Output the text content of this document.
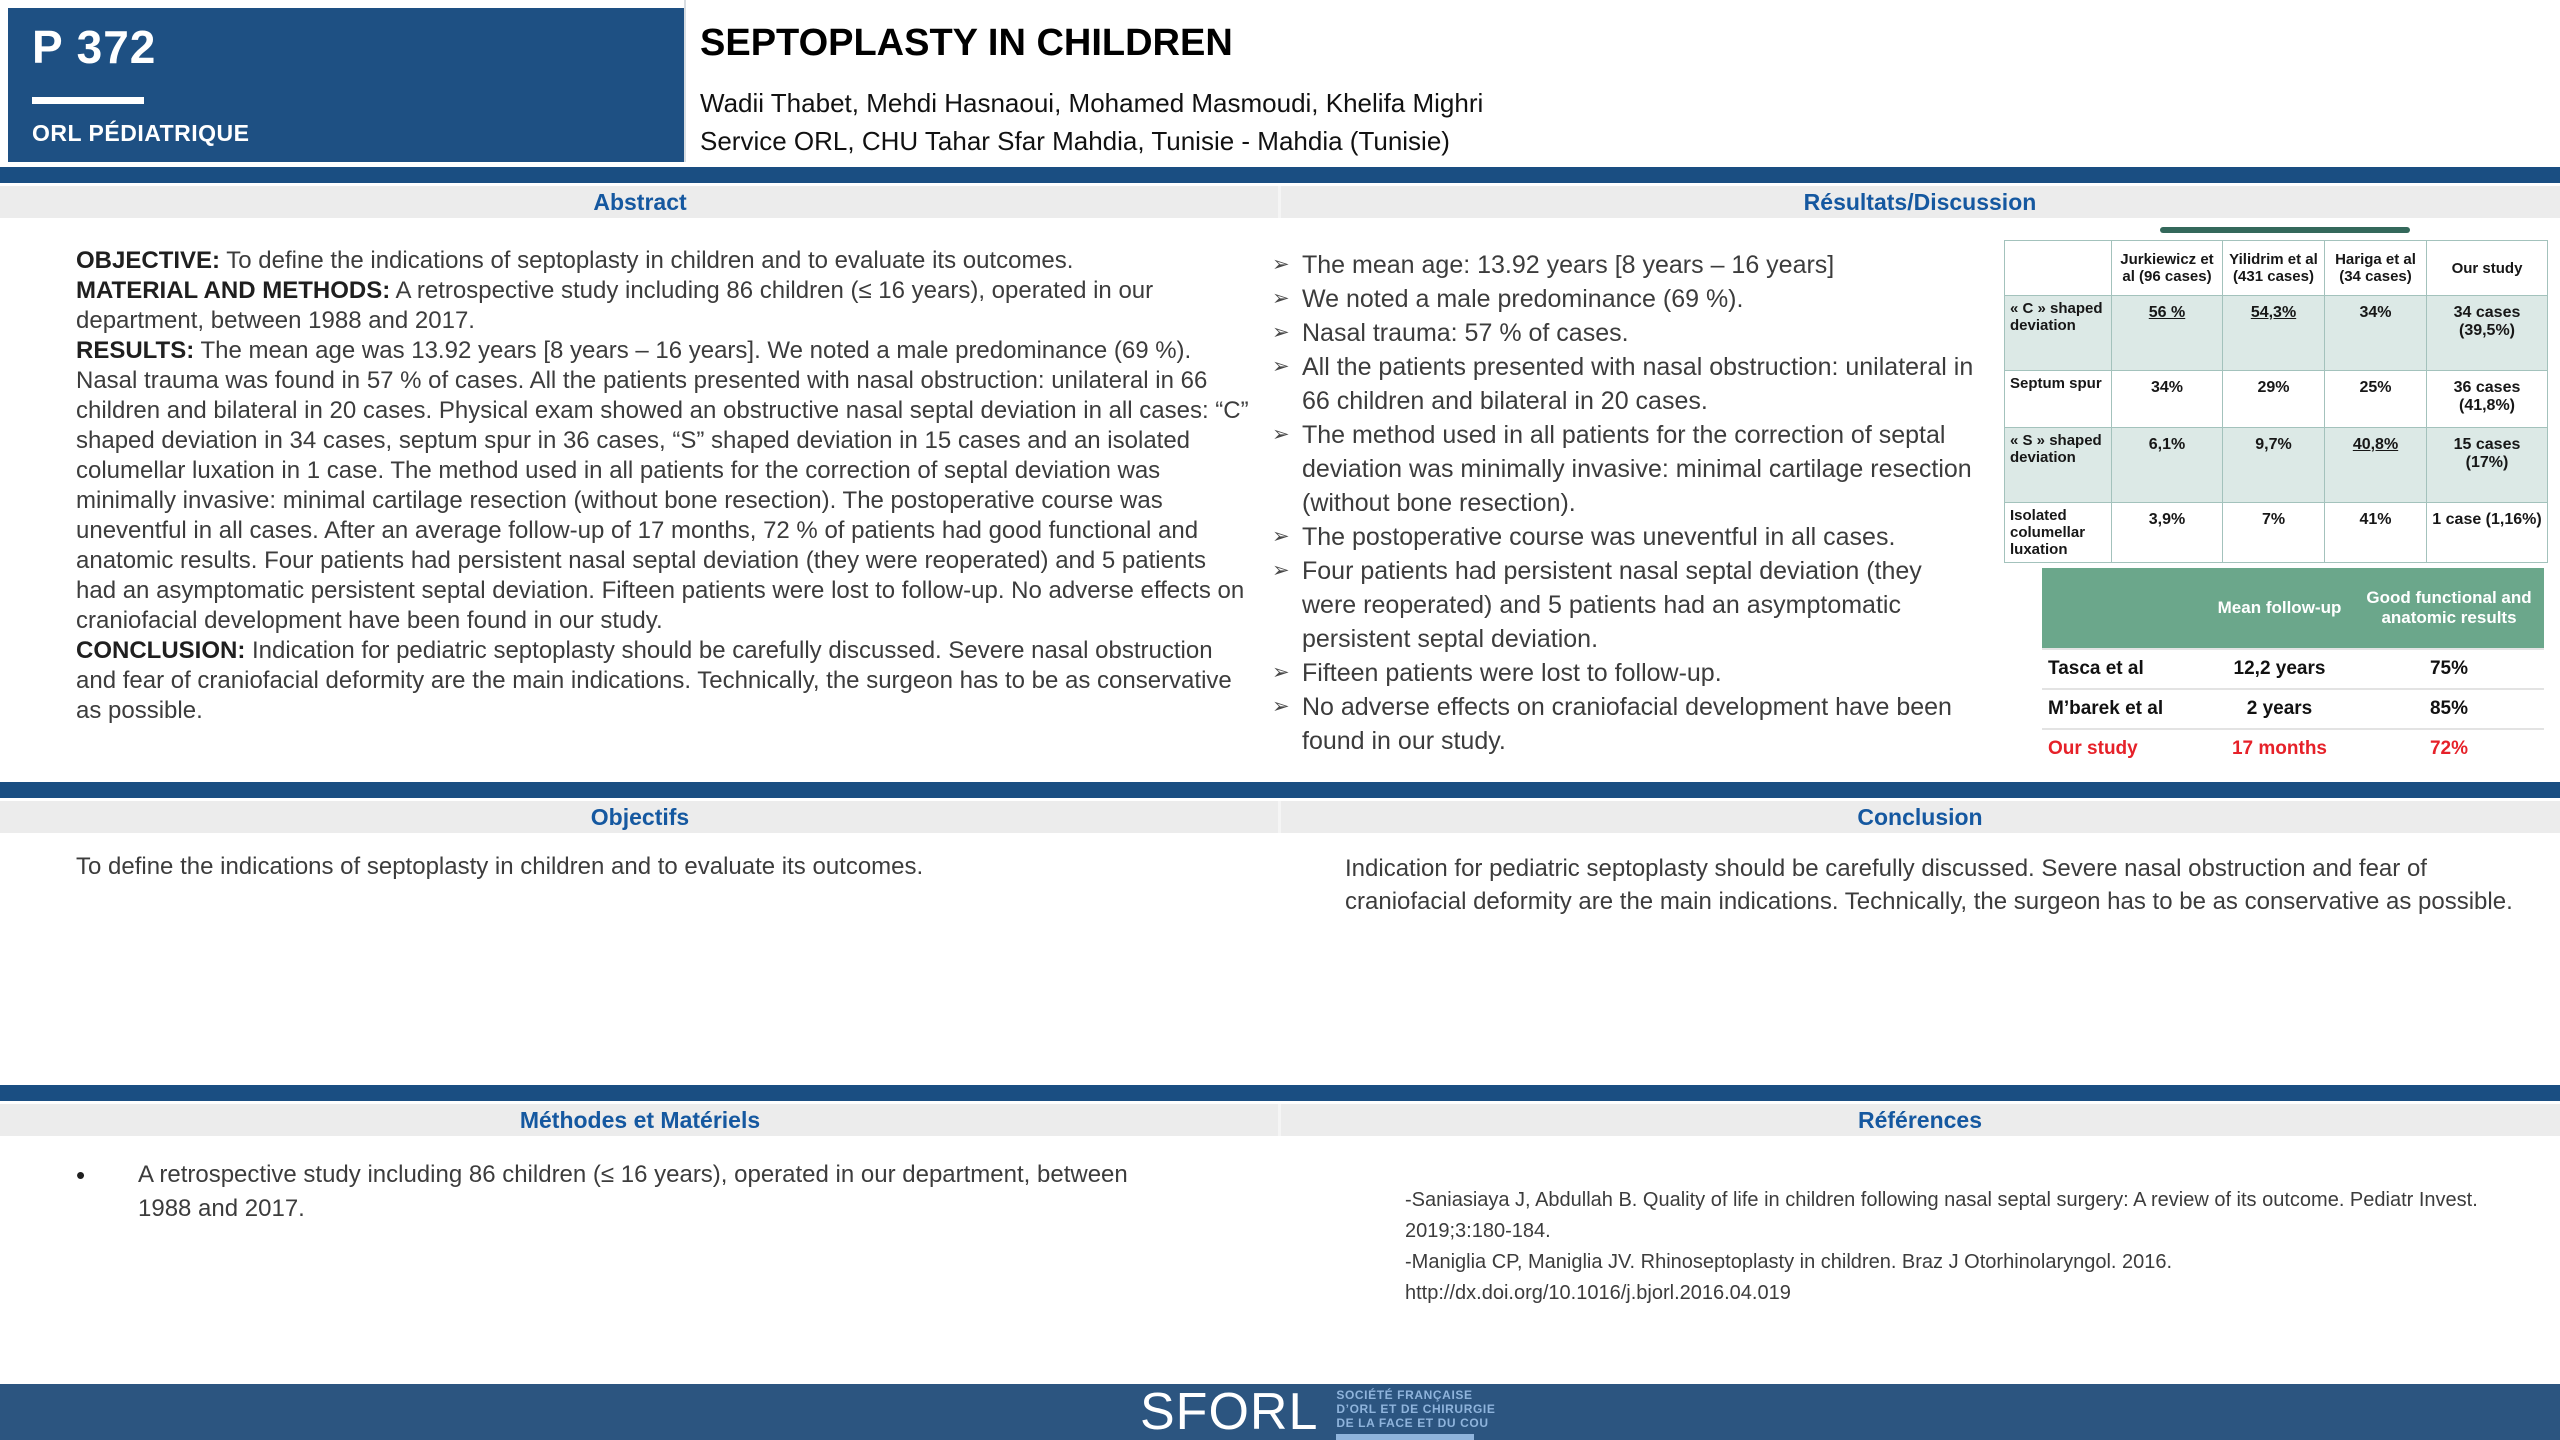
P 372
ORL PÉDIATRIQUE
SEPTOPLASTY IN CHILDREN
Wadii Thabet, Mehdi Hasnaoui, Mohamed Masmoudi, Khelifa Mighri
Service ORL, CHU Tahar Sfar Mahdia, Tunisie - Mahdia (Tunisie)
Abstract	Résultats/Discussion

OBJECTIVE: To define the indications of septoplasty in children and to evaluate its outcomes.

MATERIAL AND METHODS: A retrospective study including 86 children (≤ 16 years), operated in our department, between 1988 and 2017.

RESULTS: The mean age was 13.92 years [8 years – 16 years]. We noted a male predominance (69 %). Nasal trauma was found in 57 % of cases. All the patients presented with nasal obstruction: unilateral in 66 children and bilateral in 20 cases. Physical exam showed an obstructive nasal septal deviation in all cases: “C” shaped deviation in 34 cases, septum spur in 36 cases, “S” shaped deviation in 15 cases and an isolated columellar luxation in 1 case. The method used in all patients for the correction of septal deviation was minimally invasive: minimal cartilage resection (without bone resection). The postoperative course was uneventful in all cases. After an average follow-up of 17 months, 72 % of patients had good functional and anatomic results. Four patients had persistent nasal septal deviation (they were reoperated) and 5 patients had an asymptomatic persistent septal deviation. Fifteen patients were lost to follow-up. No adverse effects on craniofacial development have been found in our study.

CONCLUSION: Indication for pediatric septoplasty should be carefully discussed. Severe nasal obstruction and fear of craniofacial deformity are the main indications. Technically, the surgeon has to be as conservative as possible.

➢ The mean age: 13.92 years [8 years – 16 years]
➢ We noted a male predominance (69 %).
➢ Nasal trauma: 57 % of cases.
➢ All the patients presented with nasal obstruction: unilateral in 66 children and bilateral in 20 cases.
➢ The method used in all patients for the correction of septal deviation was minimally invasive: minimal cartilage resection (without bone resection).
➢ The postoperative course was uneventful in all cases.
➢ Four patients had persistent nasal septal deviation (they were reoperated) and 5 patients had an asymptomatic persistent septal deviation.
➢ Fifteen patients were lost to follow-up.
➢ No adverse effects on craniofacial development have been found in our study.
	Jurkiewicz et al (96 cases)	Yilidrim et al (431 cases)	Hariga et al (34 cases)	Our study
« C » shaped deviation	56 %	54,3%	34%	34 cases (39,5%)
Septum spur	34%	29%	25%	36 cases (41,8%)
« S » shaped deviation	6,1%	9,7%	40,8%	15 cases (17%)
Isolated columellar luxation	3,9%	7%	41%	1 case (1,16%)
	Mean follow-up	Good functional and anatomic results
Tasca et al	12,2 years	75%
M’barek et al	2 years	85%
Our study	17 months	72%
Objectifs	Conclusion
To define the indications of septoplasty in children and to evaluate its outcomes.	Indication for pediatric septoplasty should be carefully discussed. Severe nasal obstruction and fear of craniofacial deformity are the main indications. Technically, the surgeon has to be as conservative as possible.
Méthodes et Matériels	Références
•	A retrospective study including 86 children (≤ 16 years), operated in our department, between 1988 and 2017.	-Saniasiaya J, Abdullah B. Quality of life in children following nasal septal surgery: A review of its outcome. Pediatr Invest. 2019;3:180-184.

-Maniglia CP, Maniglia JV. Rhinoseptoplasty in children. Braz J Otorhinolaryngol. 2016. http://dx.doi.org/10.1016/j.bjorl.2016.04.019

SFORL SOCIÉTÉ FRANÇAISE
D’ORL ET DE CHIRURGIE
DE LA FACE ET DU COU
